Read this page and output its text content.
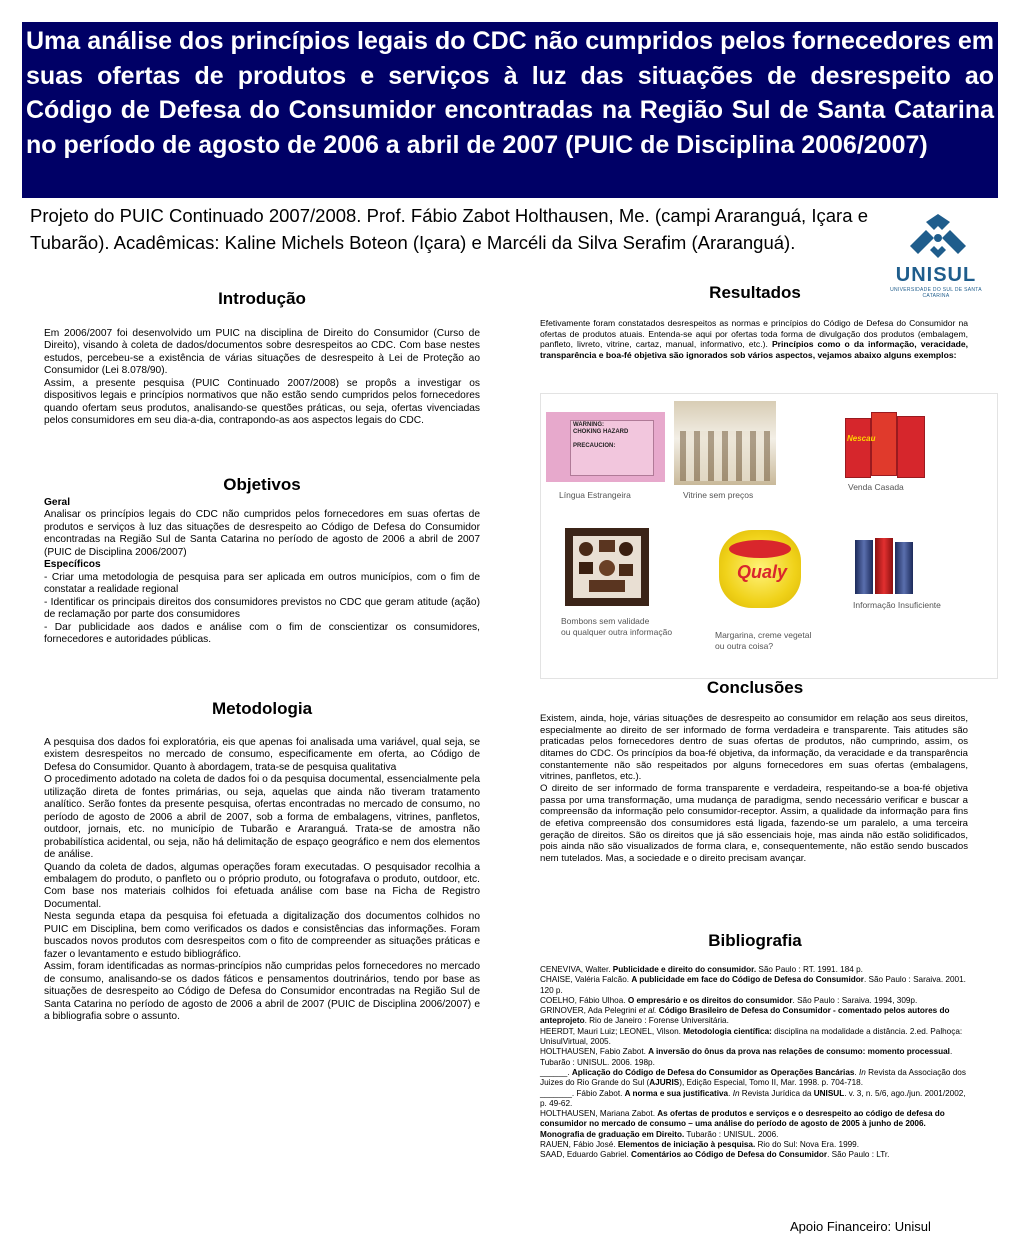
Uma análise dos princípios legais do CDC não cumpridos pelos fornecedores em suas ofertas de produtos e serviços à luz das situações de desrespeito ao Código de Defesa do Consumidor encontradas na Região Sul de Santa Catarina no período de agosto de 2006 a abril de 2007 (PUIC de Disciplina 2006/2007)
Projeto do PUIC Continuado 2007/2008. Prof. Fábio Zabot Holthausen, Me. (campi Araranguá, Içara e Tubarão). Acadêmicas: Kaline Michels Boteon (Içara) e Marcéli da Silva Serafim (Araranguá).
UNISUL
UNIVERSIDADE DO SUL DE SANTA CATARINA
Introdução

Em 2006/2007 foi desenvolvido um PUIC na disciplina de Direito do Consumidor (Curso de Direito), visando à coleta de dados/documentos sobre desrespeitos ao CDC. Com base nestes estudos, percebeu-se a existência de várias situações de desrespeito à Lei de Proteção ao Consumidor (Lei 8.078/90).

Assim, a presente pesquisa (PUIC Continuado 2007/2008) se propôs a investigar os dispositivos legais e princípios normativos que não estão sendo cumpridos pelos fornecedores quando ofertam seus produtos, analisando-se questões práticas, ou seja, ofertas vivenciadas pelos consumidores em seu dia-a-dia, contrapondo-as aos aspectos legais do CDC.

Objetivos

Geral

Analisar os princípios legais do CDC não cumpridos pelos fornecedores em suas ofertas de produtos e serviços à luz das situações de desrespeito ao Código de Defesa do Consumidor encontradas na Região Sul de Santa Catarina no período de agosto de 2006 a abril de 2007 (PUIC de Disciplina 2006/2007)

Específicos

- Criar uma metodologia de pesquisa para ser aplicada em outros municípios, com o fim de constatar a realidade regional

- Identificar os principais direitos dos consumidores previstos no CDC que geram atitude (ação) de reclamação por parte dos consumidores

- Dar publicidade aos dados e análise com o fim de conscientizar os consumidores, fornecedores e autoridades públicas.

Metodologia

A pesquisa dos dados foi exploratória, eis que apenas foi analisada uma variável, qual seja, se existem desrespeitos no mercado de consumo, especificamente em oferta, ao Código de Defesa do Consumidor. Quanto à abordagem, trata-se de pesquisa qualitativa

O procedimento adotado na coleta de dados foi o da pesquisa documental, essencialmente pela utilização direta de fontes primárias, ou seja, aquelas que ainda não tiveram tratamento analítico. Serão fontes da presente pesquisa, ofertas encontradas no mercado de consumo, no período de agosto de 2006 a abril de 2007, sob a forma de embalagens, vitrines, panfletos, outdoor, jornais, etc. no município de Tubarão e Araranguá. Trata-se de amostra não probabilística acidental, ou seja, não há delimitação de espaço geográfico e nem dos elementos de análise.

Quando da coleta de dados, algumas operações foram executadas. O pesquisador recolhia a embalagem do produto, o panfleto ou o próprio produto, ou fotografava o produto, outdoor, etc. Com base nos materiais colhidos foi efetuada análise com base na Ficha de Registro Documental.

Nesta segunda etapa da pesquisa foi efetuada a digitalização dos documentos colhidos no PUIC em Disciplina, bem como verificados os dados e consistências das informações. Foram buscados novos produtos com desrespeitos com o fito de compreender as situações práticas e fazer o levantamento e estudo bibliográfico.

Assim, foram identificadas as normas-princípios não cumpridas pelos fornecedores no mercado de consumo, analisando-se os dados fáticos e pensamentos doutrinários, tendo por base as situações de desrespeito ao Código de Defesa do Consumidor encontradas na Região Sul de Santa Catarina no período de agosto de 2006 a abril de 2007 (PUIC de Disciplina 2006/2007) e a bibliografia sobre o assunto.

Resultados
Efetivamente foram constatados desrespeitos as normas e princípios do Código de Defesa do Consumidor na ofertas de produtos atuais. Entenda-se aqui por ofertas toda forma de divulgação dos produtos (embalagem, panfleto, livreto, vitrine, cartaz, manual, informativo, etc.). Princípios como o da informação, veracidade, transparência e boa-fé objetiva são ignorados sob vários aspectos, vejamos abaixo alguns exemplos:
WARNING:
CHOKING HAZARD

PRECAUCION:
Língua Estrangeira	Vitrine sem preços
Nescau
Venda Casada
Bombons sem validade
ou qualquer outra informação
Qualy
Margarina, creme vegetal
ou outra coisa?
Informação Insuficiente
Conclusões

Existem, ainda, hoje, várias situações de desrespeito ao consumidor em relação aos seus direitos, especialmente ao direito de ser informado de forma verdadeira e transparente. Tais atitudes são praticadas pelos fornecedores dentro de suas ofertas de produtos, não cumprindo, assim, os ditames do CDC. Os princípios da boa-fé objetiva, da informação, da veracidade e da transparência constantemente não são respeitados por alguns fornecedores em suas ofertas (embalagens, vitrines, panfletos, etc.).

O direito de ser informado de forma transparente e verdadeira, respeitando-se a boa-fé objetiva passa por uma transformação, uma mudança de paradigma, sendo necessário verificar e buscar a compreensão da informação pelo consumidor-receptor. Assim, a qualidade da informação para fins de efetiva compreensão dos consumidores está ligada, fazendo-se um paralelo, a uma terceira geração de direitos. São os direitos que já são essenciais hoje, mas ainda não estão solidificados, pois ainda não são visualizados de forma clara, e, consequentemente, não estão sendo buscados nem tutelados. Mas, a sociedade e o direito precisam avançar.

Bibliografia

CENEVIVA, Walter. Publicidade e direito do consumidor. São Paulo : RT. 1991. 184 p.

CHAISE, Valéria Falcão. A publicidade em face do Código de Defesa do Consumidor. São Paulo : Saraiva. 2001. 120 p.

COELHO, Fábio Ulhoa. O empresário e os direitos do consumidor. São Paulo : Saraiva. 1994, 309p.

GRINOVER, Ada Pelegrini et al. Código Brasileiro de Defesa do Consumidor - comentado pelos autores do anteprojeto. Rio de Janeiro : Forense Universitária.

HEERDT, Mauri Luiz; LEONEL, Vilson. Metodologia científica: disciplina na modalidade a distância. 2.ed. Palhoça: UnisulVirtual, 2005.

HOLTHAUSEN, Fabio Zabot. A inversão do ônus da prova nas relações de consumo: momento processual. Tubarão : UNISUL. 2006. 198p.

______. Aplicação do Código de Defesa do Consumidor as Operações Bancárias. In Revista da Associação dos Juizes do Rio Grande do Sul (AJURIS), Edição Especial, Tomo II, Mar. 1998. p. 704-718.

_______. Fábio Zabot. A norma e sua justificativa. In Revista Jurídica da UNISUL. v. 3, n. 5/6, ago./jun. 2001/2002, p. 49-62.

HOLTHAUSEN, Mariana Zabot. As ofertas de produtos e serviços e o desrespeito ao código de defesa do consumidor no mercado de consumo – uma análise do período de agosto de 2005 à junho de 2006. Monografia de graduação em Direito. Tubarão : UNISUL. 2006.

RAUEN, Fábio José. Elementos de iniciação à pesquisa. Rio do Sul: Nova Era. 1999.

SAAD, Eduardo Gabriel. Comentários ao Código de Defesa do Consumidor. São Paulo : LTr.

Apoio Financeiro: Unisul
